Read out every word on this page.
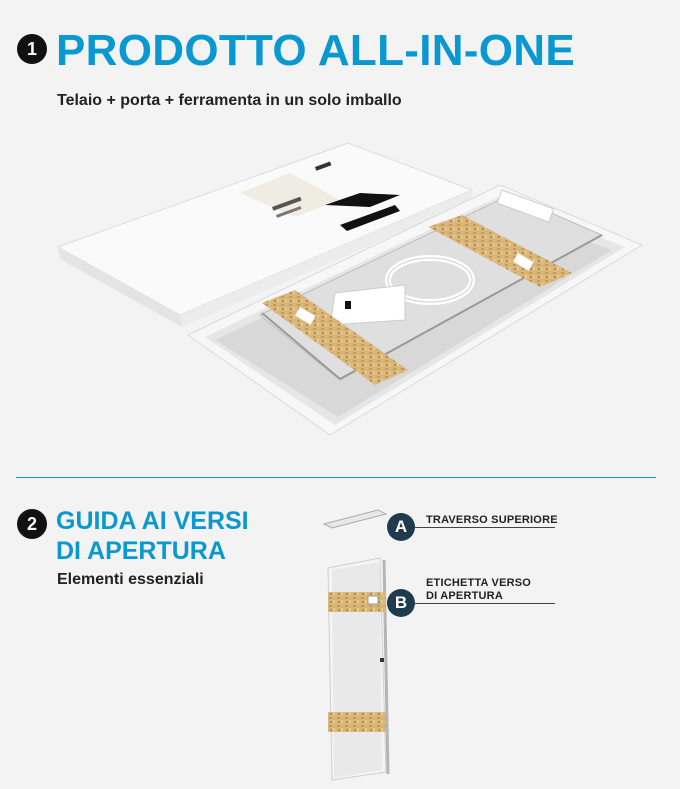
1 PRODOTTO ALL-IN-ONE
Telaio + porta + ferramenta in un solo imballo
2 GUIDA AI VERSI
DI APERTURA
Elementi essenziali
A	TRAVERSO SUPERIORE
B
ETICHETTA VERSO
DI APERTURA
